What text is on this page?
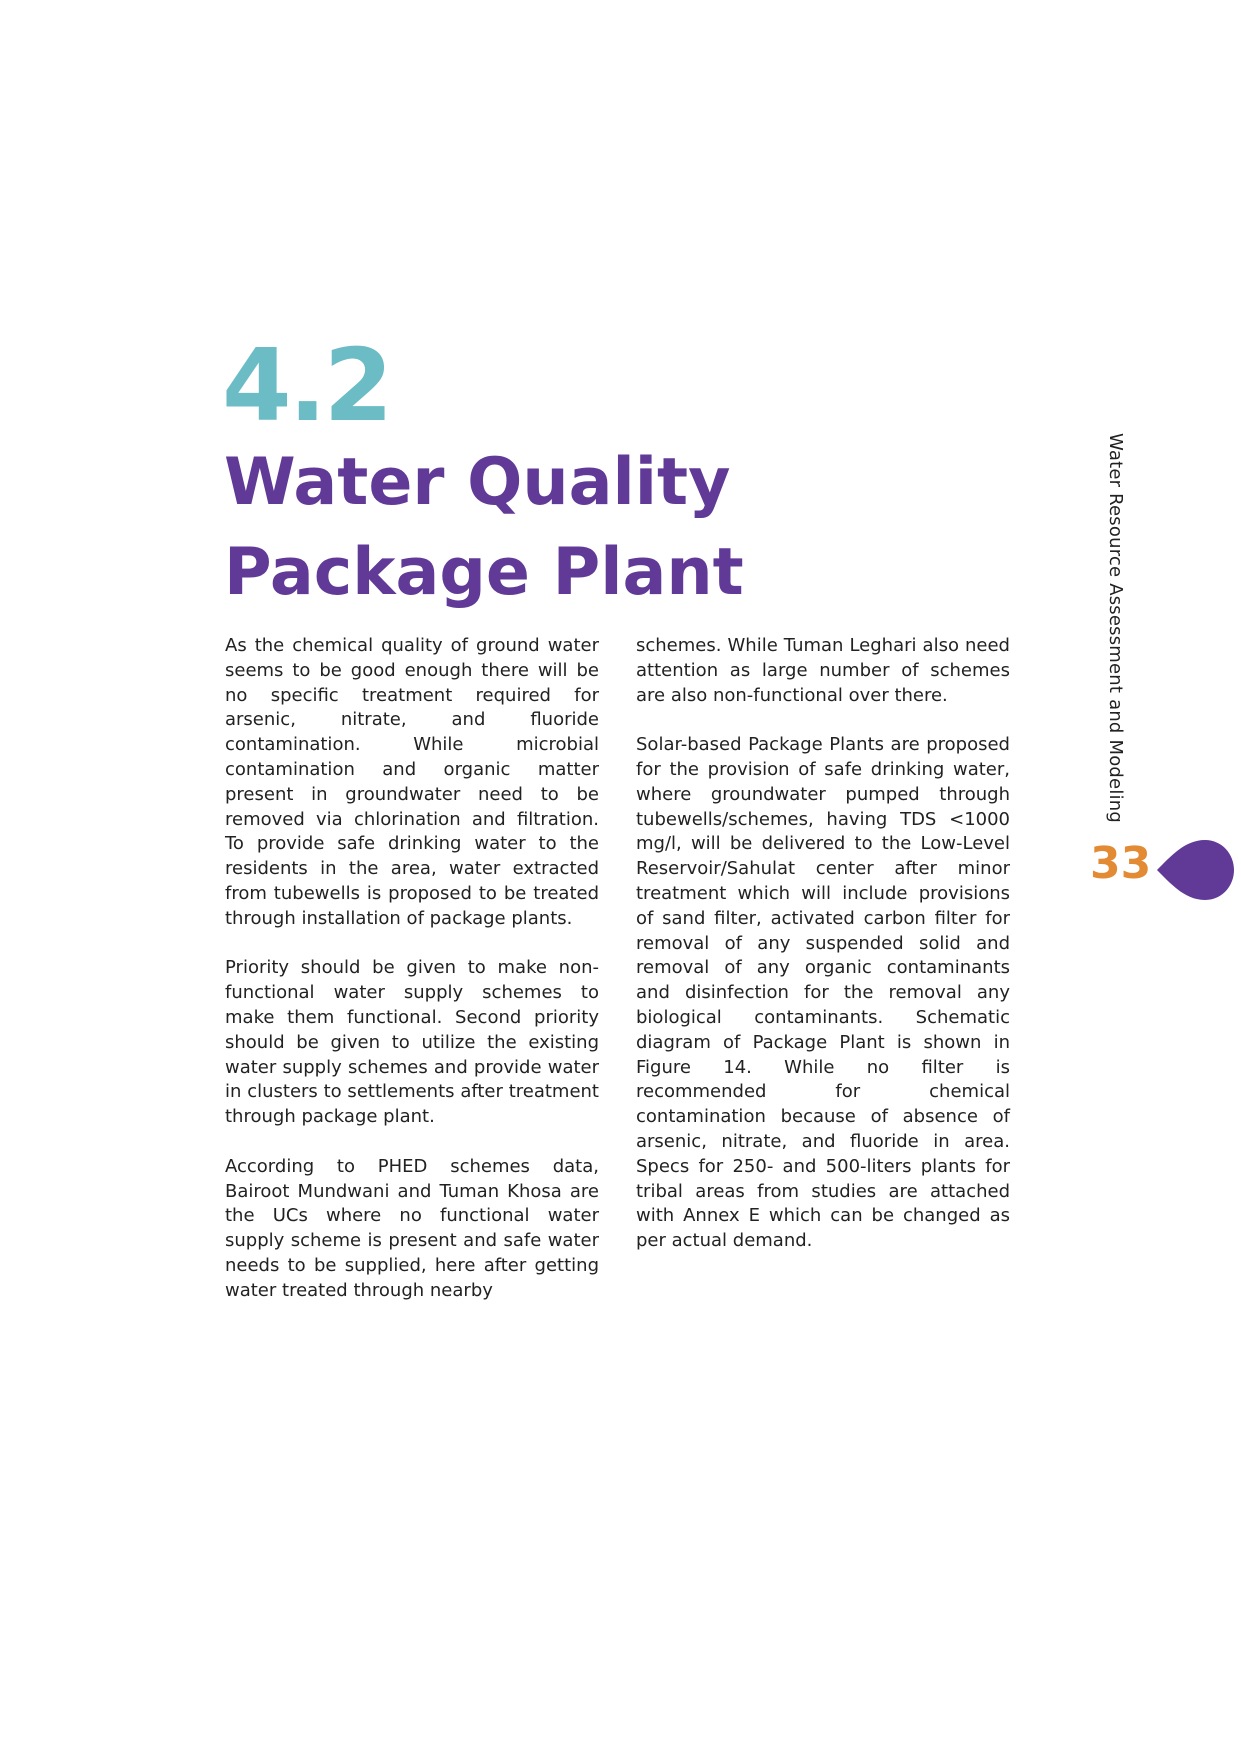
4.2
Water Quality
Package Plant

As the chemical quality of ground water seems to be good enough there will be no specific treatment required for arsenic, nitrate, and fluoride contamination. While microbial contamination and organic matter present in groundwater need to be removed via chlorination and filtration. To provide safe drinking water to the residents in the area, water extracted from tubewells is proposed to be treated through installation of package plants.

Priority should be given to make non-functional water supply schemes to make them functional. Second priority should be given to utilize the existing water supply schemes and provide water in clusters to settlements after treatment through package plant.

According to PHED schemes data, Bairoot Mundwani and Tuman Khosa are the UCs where no functional water supply scheme is present and safe water needs to be supplied, here after getting water treated through nearby

schemes. While Tuman Leghari also need attention as large number of schemes are also non-functional over there.

Solar-based Package Plants are proposed for the provision of safe drinking water, where groundwater pumped through tubewells/schemes, having TDS <1000 mg/l, will be delivered to the Low-Level Reservoir/Sahulat center after minor treatment which will include provisions of sand filter, activated carbon filter for removal of any suspended solid and removal of any organic contaminants and disinfection for the removal any biological contaminants. Schematic diagram of Package Plant is shown in Figure 14. While no filter is recommended for chemical contamination because of absence of arsenic, nitrate, and fluoride in area. Specs for 250- and 500-liters plants for tribal areas from studies are attached with Annex E which can be changed as per actual demand.

Water Resource Assessment and Modeling
33
